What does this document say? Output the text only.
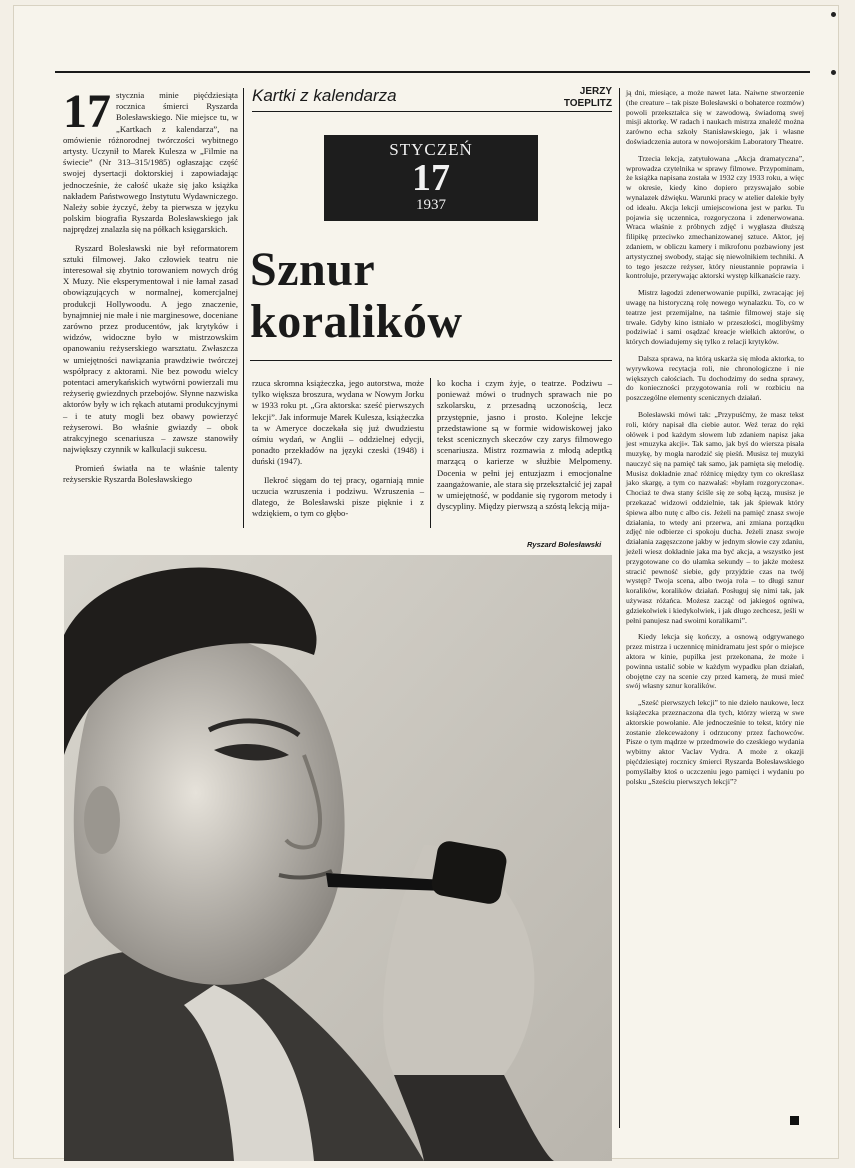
17 stycznia minie pięćdziesiąta rocznica śmierci Ryszarda Bolesławskiego. Nie miejsce tu, w „Kartkach z kalendarza”, na omówienie różnorodnej twórczości wybitnego artysty. Uczynił to Marek Kulesza w „Filmie na świecie” (Nr 313–315/1985) ogłaszając część swojej dysertacji doktorskiej i zapowiadając jednocześnie, że całość ukaże się jako książka nakładem Państwowego Instytutu Wydawniczego. Należy sobie życzyć, żeby ta pierwsza w języku polskim biografia Ryszarda Bolesławskiego jak najprędzej znalazła się na półkach księgarskich.

Ryszard Bolesławski nie był reformatorem sztuki filmowej. Jako człowiek teatru nie interesował się zbytnio torowaniem nowych dróg X Muzy. Nie eksperymentował i nie łamał zasad obowiązujących w normalnej, komercjalnej produkcji Hollywoodu. A jego znaczenie, bynajmniej nie małe i nie marginesowe, doceniane zarówno przez producentów, jak krytyków i widzów, widoczne było w mistrzowskim opanowaniu reżyserskiego warsztatu. Zwłaszcza w umiejętności nawiązania prawdziwie twórczej współpracy z aktorami. Nie bez powodu wielcy potentaci amerykańskich wytwórni powierzali mu reżyserię gwiezdnych przebojów. Słynne nazwiska aktorów były w ich rękach atutami produkcyjnymi – i te atuty mogli bez obawy powierzyć reżyserowi. Bo właśnie gwiazdy – obok atrakcyjnego scenariusza – zawsze stanowiły największy czynnik w kalkulacji sukcesu.

Promień światła na te właśnie talenty reżyserskie Ryszarda Bolesławskiego

Kartki z kalendarza	JERZY
TOEPLITZ
STYCZEŃ
17
1937
Sznur
koralików

rzuca skromna książeczka, jego autorstwa, może tylko większa broszura, wydana w Nowym Jorku w 1933 roku pt. „Gra aktorska: sześć pierwszych lekcji”. Jak informuje Marek Kulesza, książeczka ta w Ameryce doczekała się już dwudziestu ośmiu wydań, w Anglii – oddzielnej edycji, ponadto przekładów na języki czeski (1948) i duński (1947).

Ilekroć sięgam do tej pracy, ogarniają mnie uczucia wzruszenia i podziwu. Wzruszenia – dlatego, że Bolesławski pisze pięknie i z wdziękiem, o tym co głębo-

ko kocha i czym żyje, o teatrze. Podziwu – ponieważ mówi o trudnych sprawach nie po szkolarsku, z przesadną uczonością, lecz przystępnie, jasno i prosto. Kolejne lekcje przedstawione są w formie widowiskowej jako tekst scenicznych skeczów czy zarys filmowego scenariusza. Mistrz rozmawia z młodą adeptką marzącą o karierze w służbie Melpomeny. Docenia w pełni jej entuzjazm i emocjonalne zaangażowanie, ale stara się przekształcić jej zapał w umiejętność, w poddanie się rygorom metody i dyscypliny. Między pierwszą a szóstą lekcją mija-

Ryszard Bolesławski

ją dni, miesiące, a może nawet lata. Naiwne stworzenie (the creature – tak pisze Bolesławski o bohaterce rozmów) powoli przekształca się w zawodową, świadomą swej misji aktorkę. W radach i naukach mistrza znaleźć można zarówno echa szkoły Stanisławskiego, jak i własne doświadczenia autora w nowojorskim Laboratory Theatre.

Trzecia lekcja, zatytułowana „Akcja dramatyczna”, wprowadza czytelnika w sprawy filmowe. Przypominam, że książka napisana została w 1932 czy 1933 roku, a więc w okresie, kiedy kino dopiero przyswajało sobie wynalazek dźwięku. Warunki pracy w atelier dalekie były od ideału. Akcja lekcji umiejscowiona jest w parku. Tu pojawia się uczennica, rozgoryczona i zdenerwowana. Wraca właśnie z próbnych zdjęć i wygłasza dłuższą filipikę przeciwko zmechanizowanej sztuce. Aktor, jej zdaniem, w obliczu kamery i mikrofonu pozbawiony jest artystycznej swobody, stając się niewolnikiem techniki. A to tego jeszcze reżyser, który nieustannie poprawia i kontroluje, przerywając aktorski występ kilkanaście razy.

Mistrz łagodzi zdenerwowanie pupilki, zwracając jej uwagę na historyczną rolę nowego wynalazku. To, co w teatrze jest przemijalne, na taśmie filmowej staje się trwałe. Gdyby kino istniało w przeszłości, moglibyśmy podziwiać i sami osądzać kreacje wielkich aktorów, o których dowiadujemy się tylko z relacji krytyków.

Dalsza sprawa, na którą uskarża się młoda aktorka, to wyrywkowa recytacja roli, nie chronologiczne i nie większych całościach. Tu dochodzimy do sedna sprawy, do konieczności przygotowania roli w rozbiciu na poszczególne elementy scenicznych działań.

Bolesławski mówi tak: „Przypuśćmy, że masz tekst roli, który napisał dla ciebie autor. Weź teraz do ręki ołówek i pod każdym słowem lub zdaniem napisz jaka jest »muzyka akcji«. Tak samo, jak byś do wiersza pisała muzykę, by mogła narodzić się pieśń. Musisz tej muzyki nauczyć się na pamięć tak samo, jak pamięta się melodię. Musisz dokładnie znać różnicę między tym co określasz jako skargę, a tym co nazwałaś: »byłam rozgoryczona«. Chociaż te dwa stany ściśle się ze sobą łączą, musisz je przekazać widzowi oddzielnie, tak jak śpiewak który śpiewa albo nutę c albo cis. Jeżeli na pamięć znasz swoje działania, to wtedy ani przerwa, ani zmiana porządku zdjęć nie odbierze ci spokoju ducha. Jeżeli znasz swoje działania zagęszczone jakby w jednym słowie czy zdaniu, jeżeli wiesz dokładnie jaka ma być akcja, a wszystko jest przygotowane co do ułamka sekundy – to jakże możesz stracić pewność siebie, gdy przyjdzie czas na twój występ? Twoja scena, albo twoja rola – to długi sznur koralików, koralików działań. Posługuj się nimi tak, jak używasz różańca. Możesz zacząć od jakiegoś ogniwa, gdziekolwiek i kiedykolwiek, i jak długo zechcesz, jeśli w pełni panujesz nad swoimi koralikami”.

Kiedy lekcja się kończy, a osnową odgrywanego przez mistrza i uczennicę minidramatu jest spór o miejsce aktora w kinie, pupilka jest przekonana, że może i powinna ustalić sobie w każdym wypadku plan działań, obojętne czy na scenie czy przed kamerą, że musi mieć swój własny sznur koralików.

„Sześć pierwszych lekcji” to nie dzieło naukowe, lecz książeczka przeznaczona dla tych, którzy wierzą w swe aktorskie powołanie. Ale jednocześnie to tekst, który nie zostanie zlekceważony i odrzucony przez fachowców. Pisze o tym mądrze w przedmowie do czeskiego wydania wybitny aktor Vaclav Vydra. A może z okazji pięćdziesiątej rocznicy śmierci Ryszarda Bolesławskiego pomyślałby ktoś o uczczeniu jego pamięci i wydaniu po polsku „Sześciu pierwszych lekcji”?
